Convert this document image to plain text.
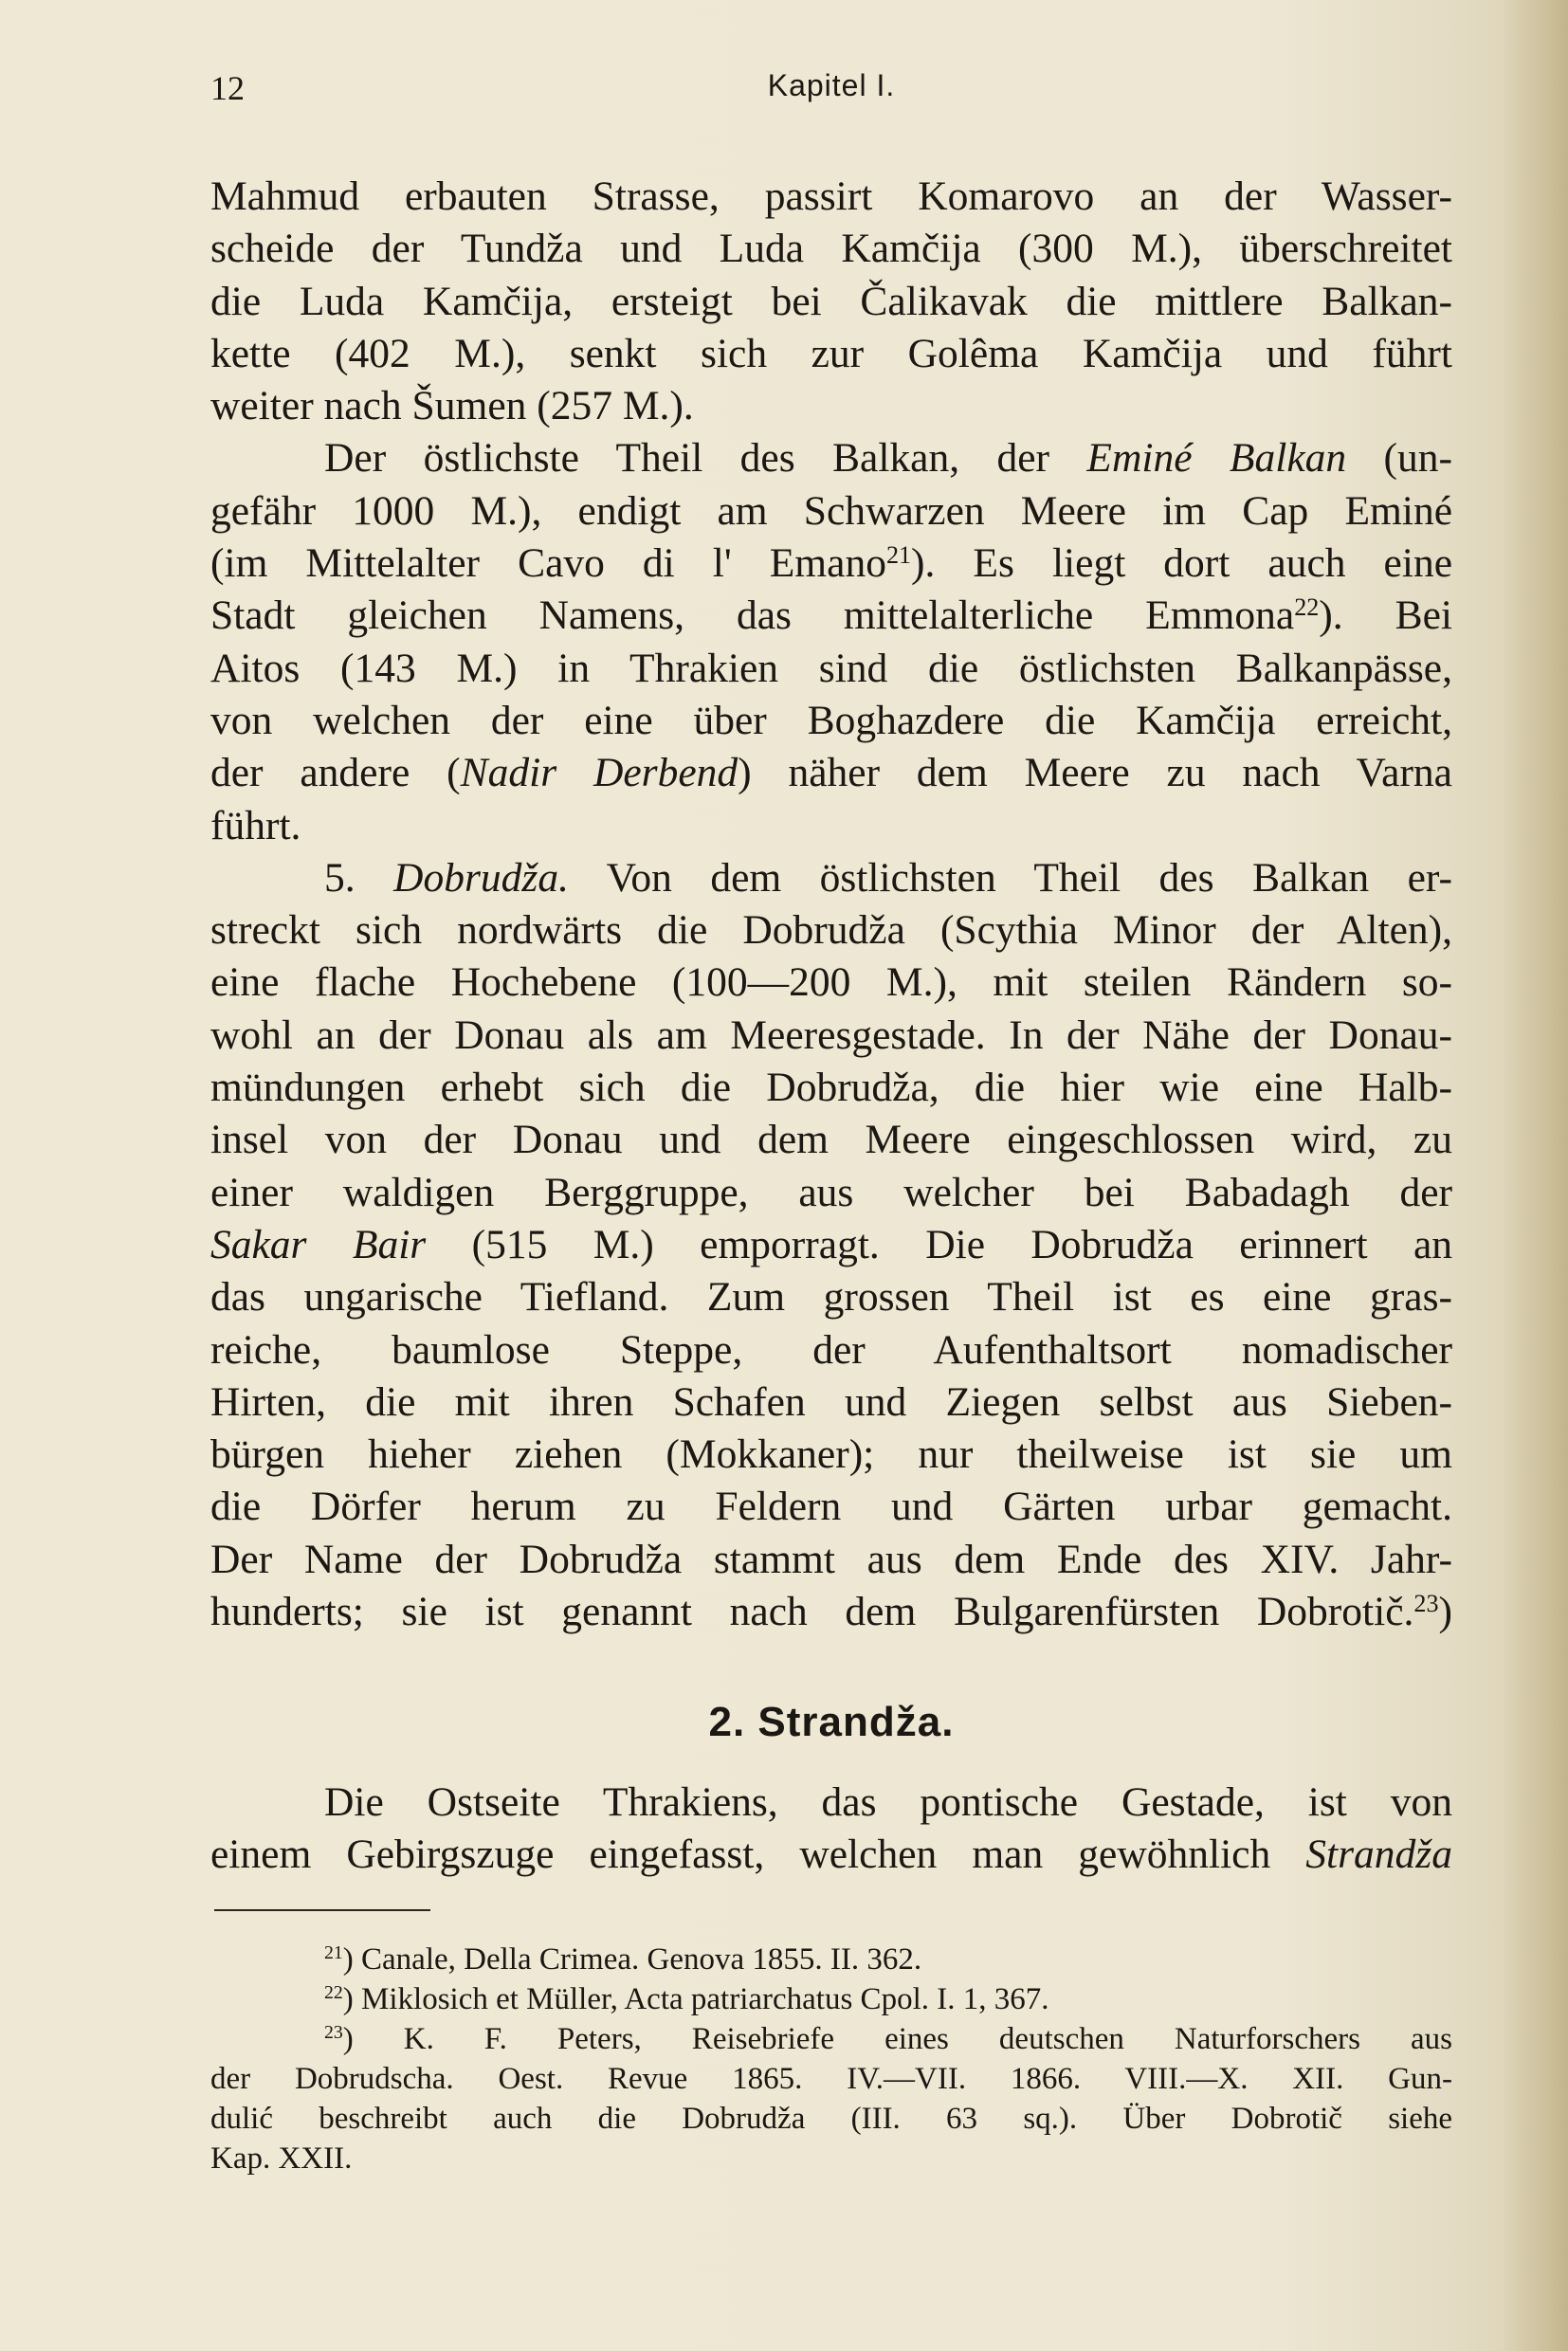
12	Kapitel I.
Mahmud erbauten Strasse, passirt Komarovo an der Wasser-
scheide der Tundža und Luda Kamčija (300 M.), überschreitet
die Luda Kamčija, ersteigt bei Čalikavak die mittlere Balkan-
kette (402 M.), senkt sich zur Golêma Kamčija und führt
weiter nach Šumen (257 M.).
Der östlichste Theil des Balkan, der Eminé Balkan (un-
gefähr 1000 M.), endigt am Schwarzen Meere im Cap Eminé
(im Mittelalter Cavo di l' Emano$^{21}$). Es liegt dort auch eine
Stadt gleichen Namens, das mittelalterliche Emmona$^{22}$). Bei
Aitos (143 M.) in Thrakien sind die östlichsten Balkanpässe,
von welchen der eine über Boghazdere die Kamčija erreicht,
der andere (Nadir Derbend) näher dem Meere zu nach Varna
führt.
5. Dobrudža. Von dem östlichsten Theil des Balkan er-
streckt sich nordwärts die Dobrudža (Scythia Minor der Alten),
eine flache Hochebene (100—200 M.), mit steilen Rändern so-
wohl an der Donau als am Meeresgestade. In der Nähe der Donau-
mündungen erhebt sich die Dobrudža, die hier wie eine Halb-
insel von der Donau und dem Meere eingeschlossen wird, zu
einer waldigen Berggruppe, aus welcher bei Babadagh der
Sakar Bair (515 M.) emporragt. Die Dobrudža erinnert an
das ungarische Tiefland. Zum grossen Theil ist es eine gras-
reiche, baumlose Steppe, der Aufenthaltsort nomadischer
Hirten, die mit ihren Schafen und Ziegen selbst aus Sieben-
bürgen hieher ziehen (Mokkaner); nur theilweise ist sie um
die Dörfer herum zu Feldern und Gärten urbar gemacht.
Der Name der Dobrudža stammt aus dem Ende des XIV. Jahr-
hunderts; sie ist genannt nach dem Bulgarenfürsten Dobrotič.$^{23}$)
2. Strandža.
Die Ostseite Thrakiens, das pontische Gestade, ist von
einem Gebirgszuge eingefasst, welchen man gewöhnlich Strandža
$^{21}$) Canale, Della Crimea. Genova 1855. II. 362.
$^{22}$) Miklosich et Müller, Acta patriarchatus Cpol. I. 1, 367.
$^{23}$) K. F. Peters, Reisebriefe eines deutschen Naturforschers aus
der Dobrudscha. Oest. Revue 1865. IV.—VII. 1866. VIII.—X. XII. Gun-
dulić beschreibt auch die Dobrudža (III. 63 sq.). Über Dobrotič siehe
Kap. XXII.
